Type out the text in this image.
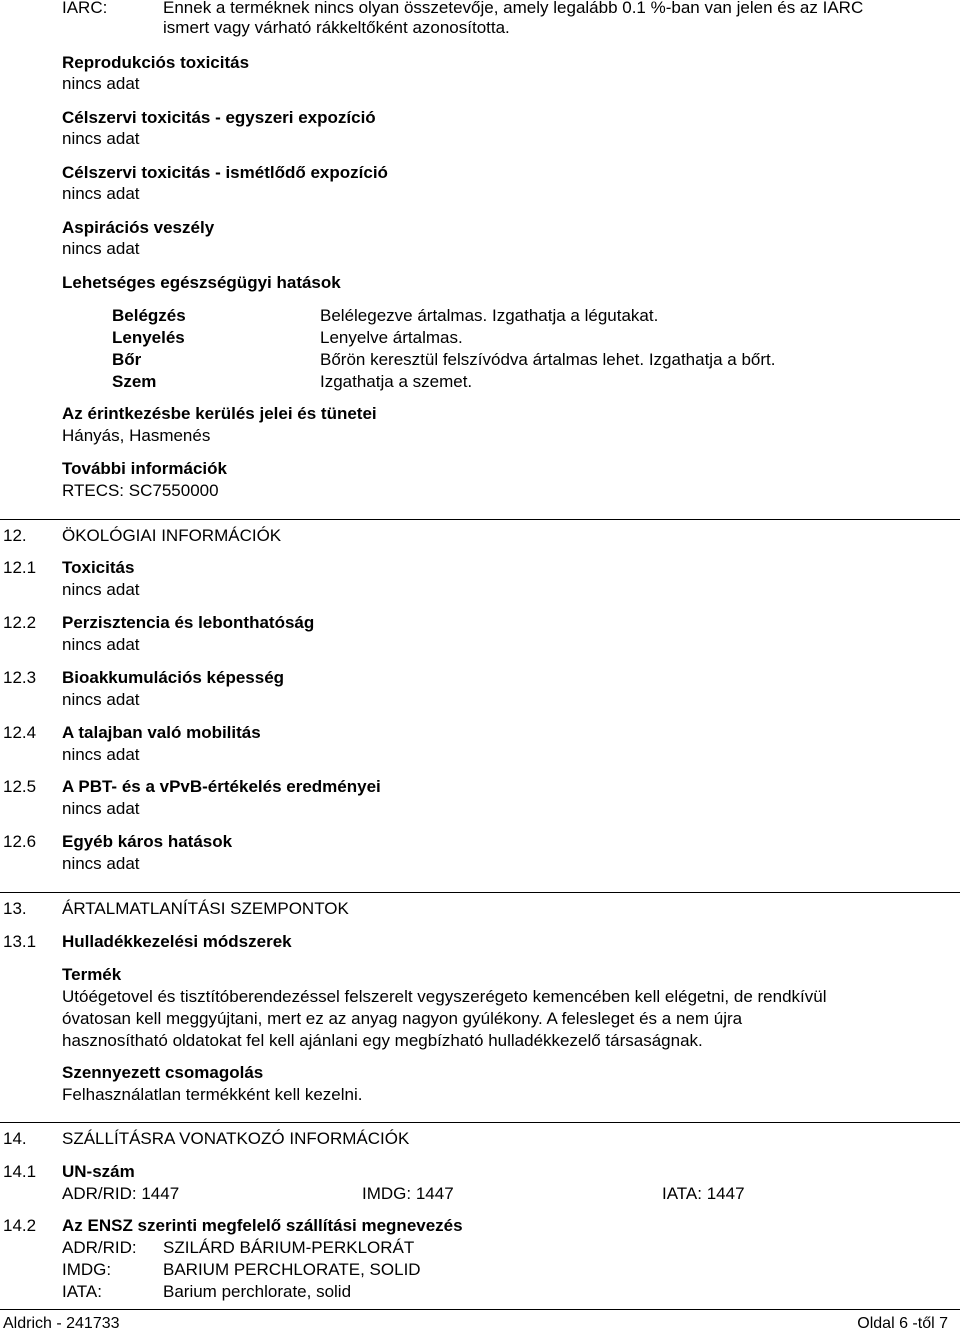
IARC:	Ennek a terméknek nincs olyan összetevője, amely legalább 0.1 %-ban van jelen és az IARC
ismert vagy várható rákkeltőként azonosította.
Reprodukciós toxicitás
nincs adat
Célszervi toxicitás - egyszeri expozíció
nincs adat
Célszervi toxicitás - ismétlődő expozíció
nincs adat
Aspirációs veszély
nincs adat
Lehetséges egészségügyi hatások
Belégzés	Belélegezve ártalmas. Izgathatja a légutakat.
Lenyelés	Lenyelve ártalmas.
Bőr	Bőrön keresztül felszívódva ártalmas lehet. Izgathatja a bőrt.
Szem	Izgathatja a szemet.
Az érintkezésbe kerülés jelei és tünetei
Hányás, Hasmenés
További információk
RTECS: SC7550000
12. ÖKOLÓGIAI INFORMÁCIÓK
12.1 Toxicitás
nincs adat
12.2 Perzisztencia és lebonthatóság
nincs adat
12.3 Bioakkumulációs képesség
nincs adat
12.4 A talajban való mobilitás
nincs adat
12.5 A PBT- és a vPvB-értékelés eredményei
nincs adat
12.6 Egyéb káros hatások
nincs adat
13. ÁRTALMATLANÍTÁSI SZEMPONTOK
13.1 Hulladékkezelési módszerek
Termék
Utóégetovel és tisztítóberendezéssel felszerelt vegyszerégeto kemencében kell elégetni, de rendkívül
óvatosan kell meggyújtani, mert ez az anyag nagyon gyúlékony. A felesleget és a nem újra
hasznosítható oldatokat fel kell ajánlani egy megbízható hulladékkezelő társaságnak.
Szennyezett csomagolás
Felhasználatlan termékként kell kezelni.
14. SZÁLLÍTÁSRA VONATKOZÓ INFORMÁCIÓK
14.1 UN-szám
ADR/RID: 1447	IMDG: 1447	IATA: 1447
14.2 Az ENSZ szerinti megfelelő szállítási megnevezés
ADR/RID: SZILÁRD BÁRIUM-PERKLORÁT
IMDG:	BARIUM PERCHLORATE, SOLID
IATA:	Barium perchlorate, solid
Aldrich - 241733	Oldal 6 -től 7
